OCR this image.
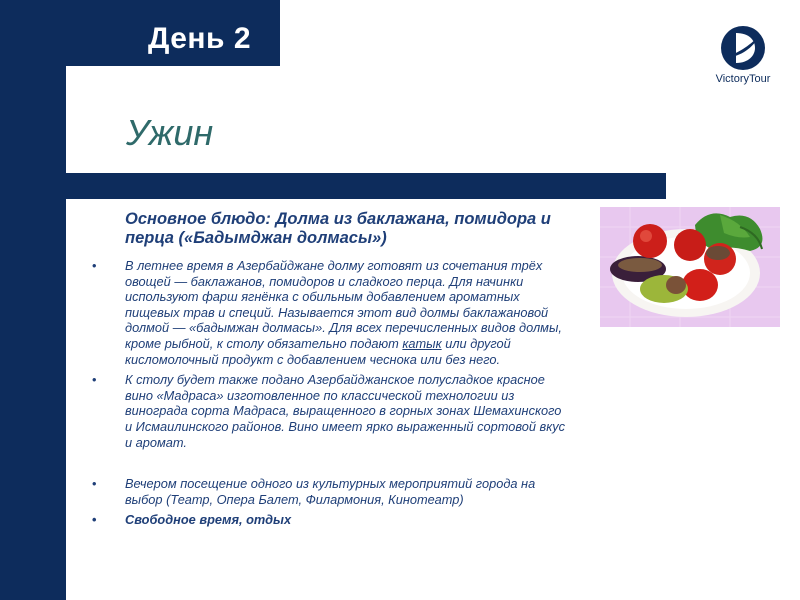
День 2
Ужин
VictoryTour
Основное блюдо: Долма из баклажана, помидора и перца («Бадымджан долмасы»)
• В летнее время в Азербайджане долму готовят из сочетания трёх овощей — баклажанов, помидоров и сладкого перца. Для начинки используют фарш ягнёнка с обильным добавлением ароматных пищевых трав и специй. Называется этот вид долмы баклажановой долмой — «бадымжан долмасы». Для всех перечисленных видов долмы, кроме рыбной, к столу обязательно подают катык или другой кисломолочный продукт с добавлением чеснока или без него.
• К столу будет также подано Азербайджанское полусладкое красное вино «Мадраса» изготовленное по классической технологии из винограда сорта Мадраса, выращенного в горных зонах Шемахинского и Исмаилинского районов. Вино имеет ярко выраженный сортовой вкус и аромат.
• Вечером посещение одного из культурных мероприятий города на выбор (Театр, Опера Балет, Филармония, Кинотеатр)
• Свободное время, отдых
